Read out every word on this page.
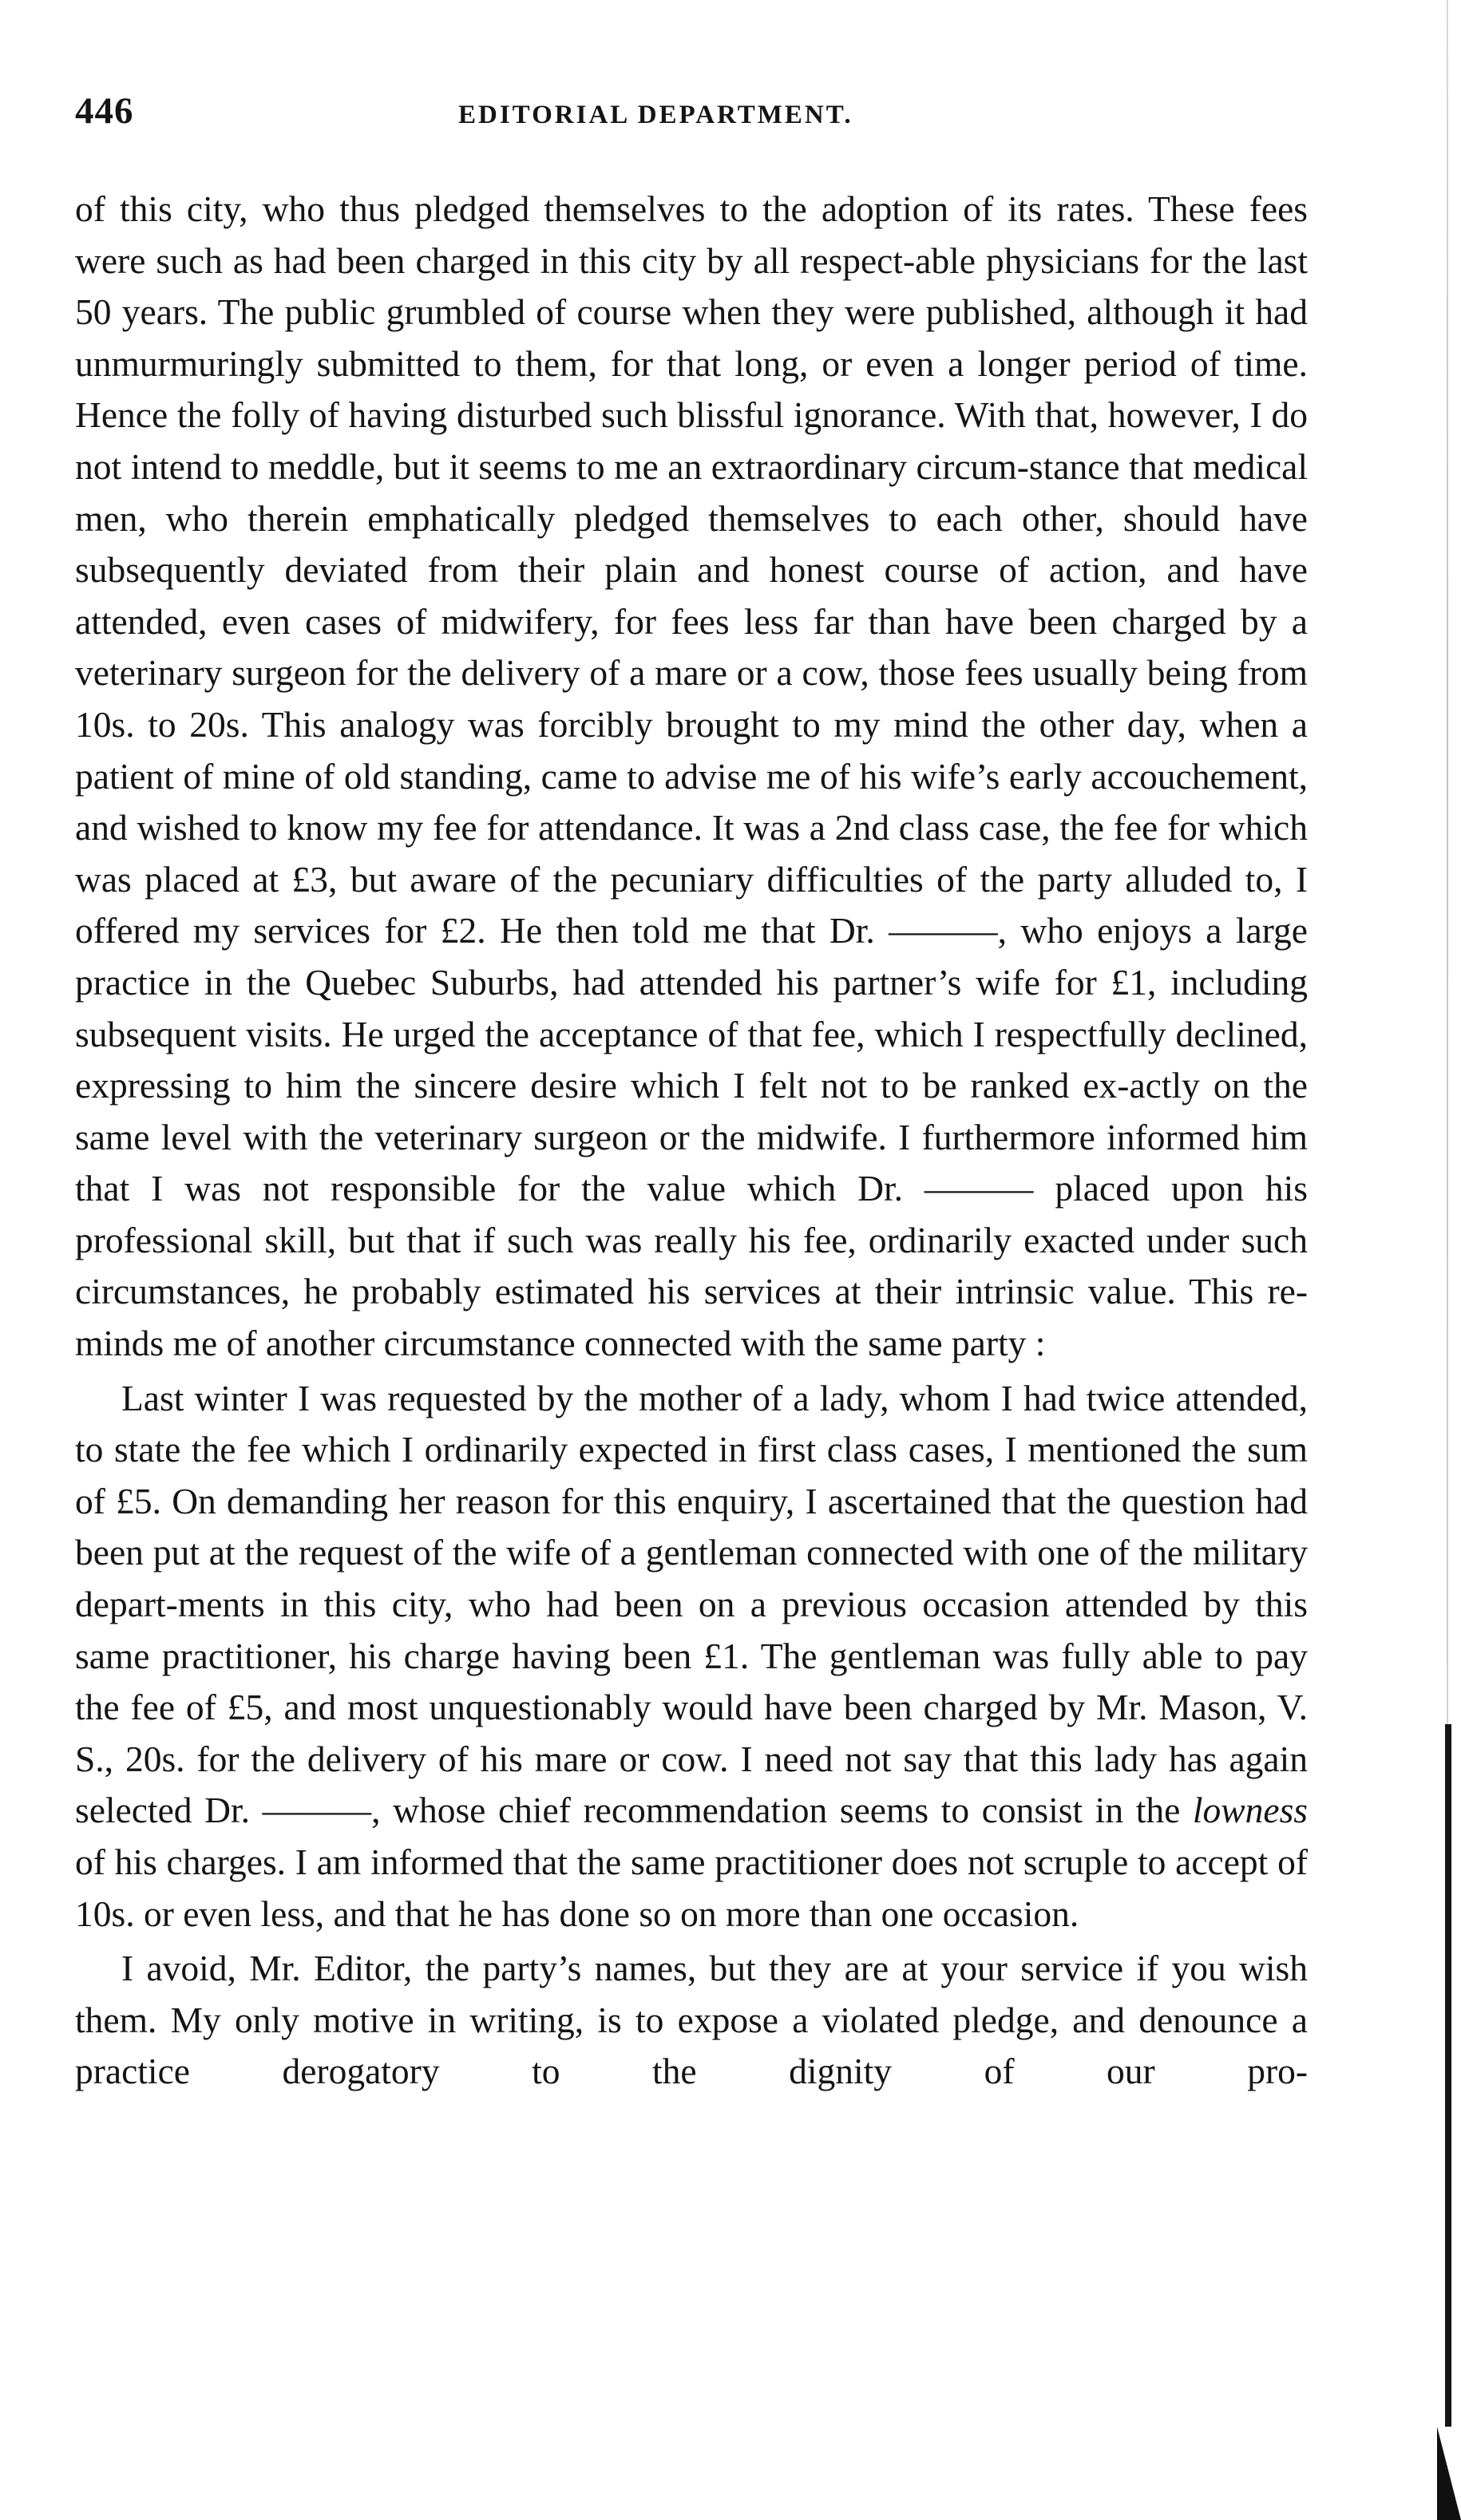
446	EDITORIAL DEPARTMENT.

of this city, who thus pledged themselves to the adoption of its rates. These fees were such as had been charged in this city by all respect-able physicians for the last 50 years. The public grumbled of course when they were published, although it had unmurmuringly submitted to them, for that long, or even a longer period of time. Hence the folly of having disturbed such blissful ignorance. With that, however, I do not intend to meddle, but it seems to me an extraordinary circum-stance that medical men, who therein emphatically pledged themselves to each other, should have subsequently deviated from their plain and honest course of action, and have attended, even cases of midwifery, for fees less far than have been charged by a veterinary surgeon for the delivery of a mare or a cow, those fees usually being from 10s. to 20s. This analogy was forcibly brought to my mind the other day, when a patient of mine of old standing, came to advise me of his wife’s early accouchement, and wished to know my fee for attendance. It was a 2nd class case, the fee for which was placed at £3, but aware of the pecuniary difficulties of the party alluded to, I offered my services for £2. He then told me that Dr. ———, who enjoys a large practice in the Quebec Suburbs, had attended his partner’s wife for £1, including subsequent visits. He urged the acceptance of that fee, which I respectfully declined, expressing to him the sincere desire which I felt not to be ranked ex-actly on the same level with the veterinary surgeon or the midwife. I furthermore informed him that I was not responsible for the value which Dr. ——— placed upon his professional skill, but that if such was really his fee, ordinarily exacted under such circumstances, he probably estimated his services at their intrinsic value. This re-minds me of another circumstance connected with the same party :

Last winter I was requested by the mother of a lady, whom I had twice attended, to state the fee which I ordinarily expected in first class cases, I mentioned the sum of £5. On demanding her reason for this enquiry, I ascertained that the question had been put at the request of the wife of a gentleman connected with one of the military depart-ments in this city, who had been on a previous occasion attended by this same practitioner, his charge having been £1. The gentleman was fully able to pay the fee of £5, and most unquestionably would have been charged by Mr. Mason, V. S., 20s. for the delivery of his mare or cow. I need not say that this lady has again selected Dr. ———, whose chief recommendation seems to consist in the lowness of his charges. I am informed that the same practitioner does not scruple to accept of 10s. or even less, and that he has done so on more than one occasion.

I avoid, Mr. Editor, the party’s names, but they are at your service if you wish them. My only motive in writing, is to expose a violated pledge, and denounce a practice derogatory to the dignity of our pro-
